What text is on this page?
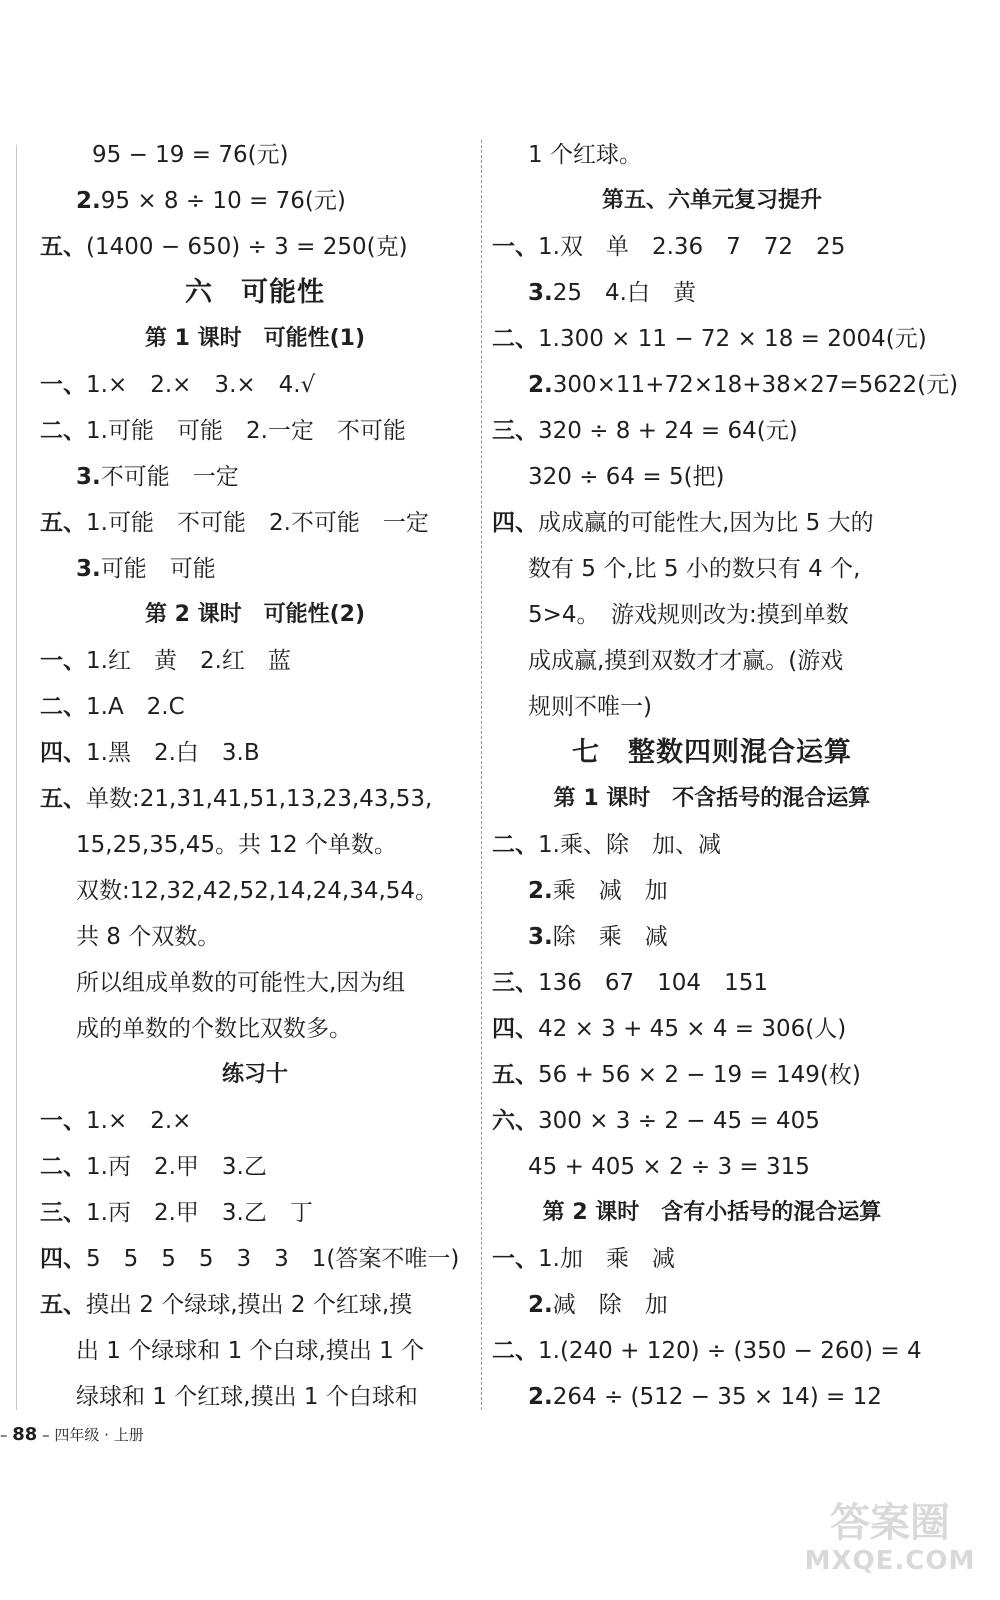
95 − 19 = 76(元)
2.95 × 8 ÷ 10 = 76(元)
五、(1400 − 650) ÷ 3 = 250(克)
六　可能性
第 1 课时　可能性(1)
一、1.×　2.×　3.×　4.√
二、1.可能　可能　2.一定　不可能
3.不可能　一定
五、1.可能　不可能　2.不可能　一定
3.可能　可能
第 2 课时　可能性(2)
一、1.红　黄　2.红　蓝
二、1.A　2.C
四、1.黑　2.白　3.B
五、单数:21,31,41,51,13,23,43,53,
15,25,35,45。共 12 个单数。
双数:12,32,42,52,14,24,34,54。
共 8 个双数。
所以组成单数的可能性大,因为组
成的单数的个数比双数多。
练习十
一、1.×　2.×
二、1.丙　2.甲　3.乙
三、1.丙　2.甲　3.乙　丁
四、5　5　5　5　3　3　1(答案不唯一)
五、摸出 2 个绿球,摸出 2 个红球,摸
出 1 个绿球和 1 个白球,摸出 1 个
绿球和 1 个红球,摸出 1 个白球和
1 个红球。
第五、六单元复习提升
一、1.双　单　2.36　7　72　25
3.25　4.白　黄
二、1.300 × 11 − 72 × 18 = 2004(元)
2.300×11+72×18+38×27=5622(元)
三、320 ÷ 8 + 24 = 64(元)
320 ÷ 64 = 5(把)
四、成成赢的可能性大,因为比 5 大的
数有 5 个,比 5 小的数只有 4 个,
5>4。　游戏规则改为:摸到单数
成成赢,摸到双数才才赢。(游戏
规则不唯一)
七　整数四则混合运算
第 1 课时　不含括号的混合运算
二、1.乘、除　加、减
2.乘　减　加
3.除　乘　减
三、136　67　104　151
四、42 × 3 + 45 × 4 = 306(人)
五、56 + 56 × 2 − 19 = 149(枚)
六、300 × 3 ÷ 2 − 45 = 405
45 + 405 × 2 ÷ 3 = 315
第 2 课时　含有小括号的混合运算
一、1.加　乘　减
2.减　除　加
二、1.(240 + 120) ÷ (350 − 260) = 4
2.264 ÷ (512 − 35 × 14) = 12
– 88 – 四年级 · 上册
答案圈
MXQE.COM
